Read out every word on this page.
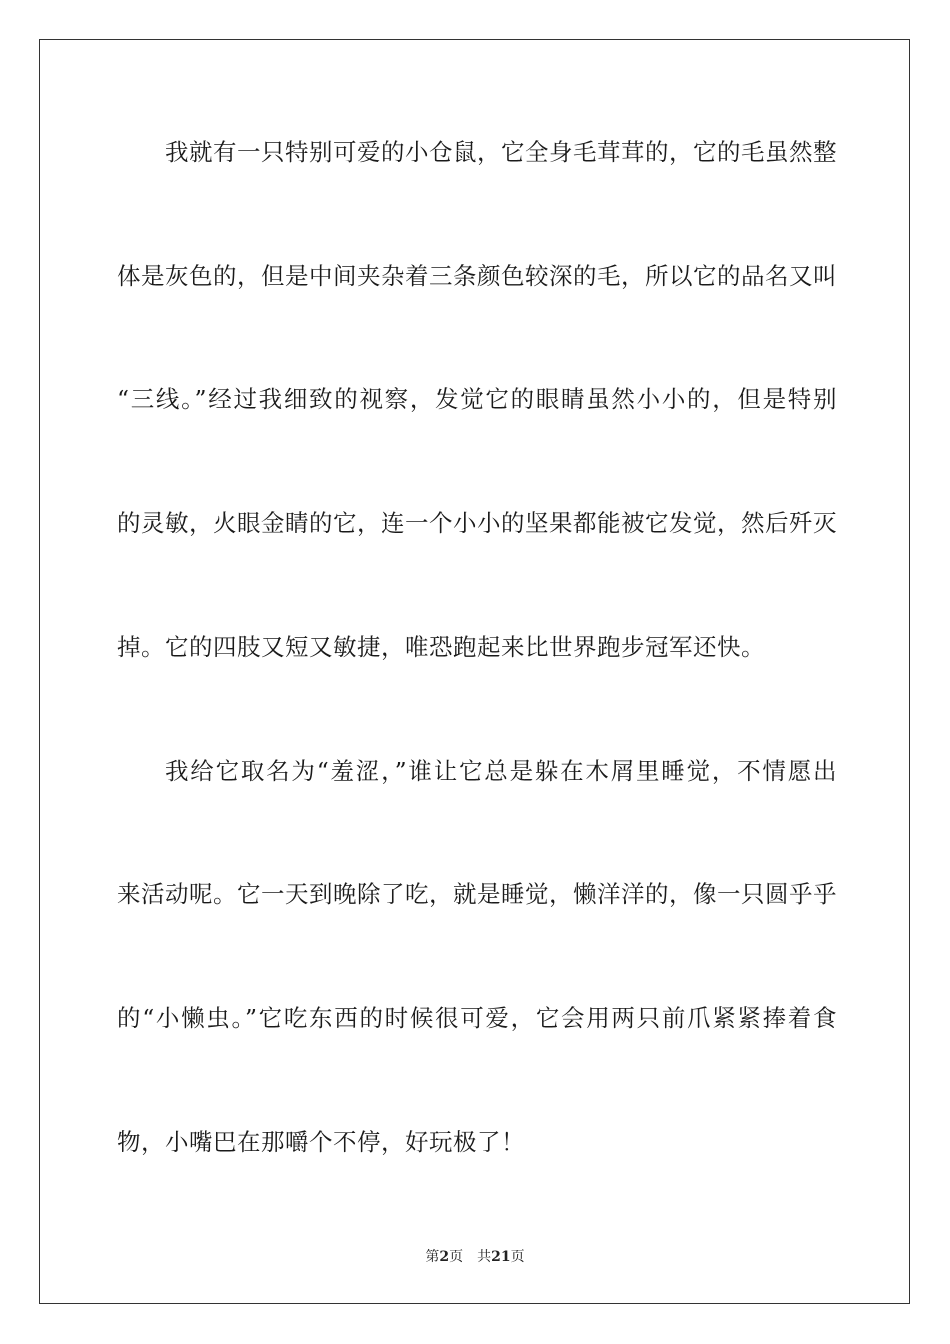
我就有一只特别可爱的小仓鼠，它全身毛茸茸的，它的毛虽然整
体是灰色的，但是中间夹杂着三条颜色较深的毛，所以它的品名又叫
“三线。”经过我细致的视察，发觉它的眼睛虽然小小的，但是特别
的灵敏，火眼金睛的它，连一个小小的坚果都能被它发觉，然后歼灭
掉。它的四肢又短又敏捷，唯恐跑起来比世界跑步冠军还快。
我给它取名为“羞涩，”谁让它总是躲在木屑里睡觉，不情愿出
来活动呢。它一天到晚除了吃，就是睡觉，懒洋洋的，像一只圆乎乎
的“小懒虫。”它吃东西的时候很可爱，它会用两只前爪紧紧捧着食
物，小嘴巴在那嚼个不停，好玩极了！
第2页 共21页
